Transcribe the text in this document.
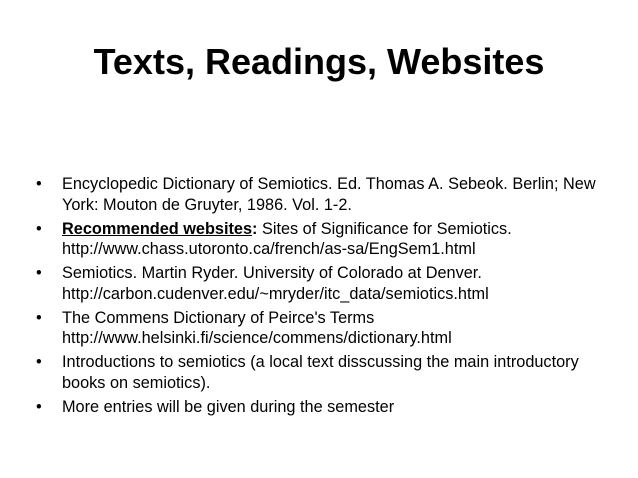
Texts, Readings, Websites
•	Encyclopedic Dictionary of Semiotics. Ed. Thomas A. Sebeok. Berlin; New
York: Mouton de Gruyter, 1986. Vol. 1-2.
•	Recommended websites: Sites of Significance for Semiotics.
http://www.chass.utoronto.ca/french/as-sa/EngSem1.html
•	Semiotics. Martin Ryder. University of Colorado at Denver.
http://carbon.cudenver.edu/~mryder/itc_data/semiotics.html
•	The Commens Dictionary of Peirce's Terms
http://www.helsinki.fi/science/commens/dictionary.html
•	Introductions to semiotics (a local text disscussing the main introductory
books on semiotics).
•	More entries will be given during the semester
